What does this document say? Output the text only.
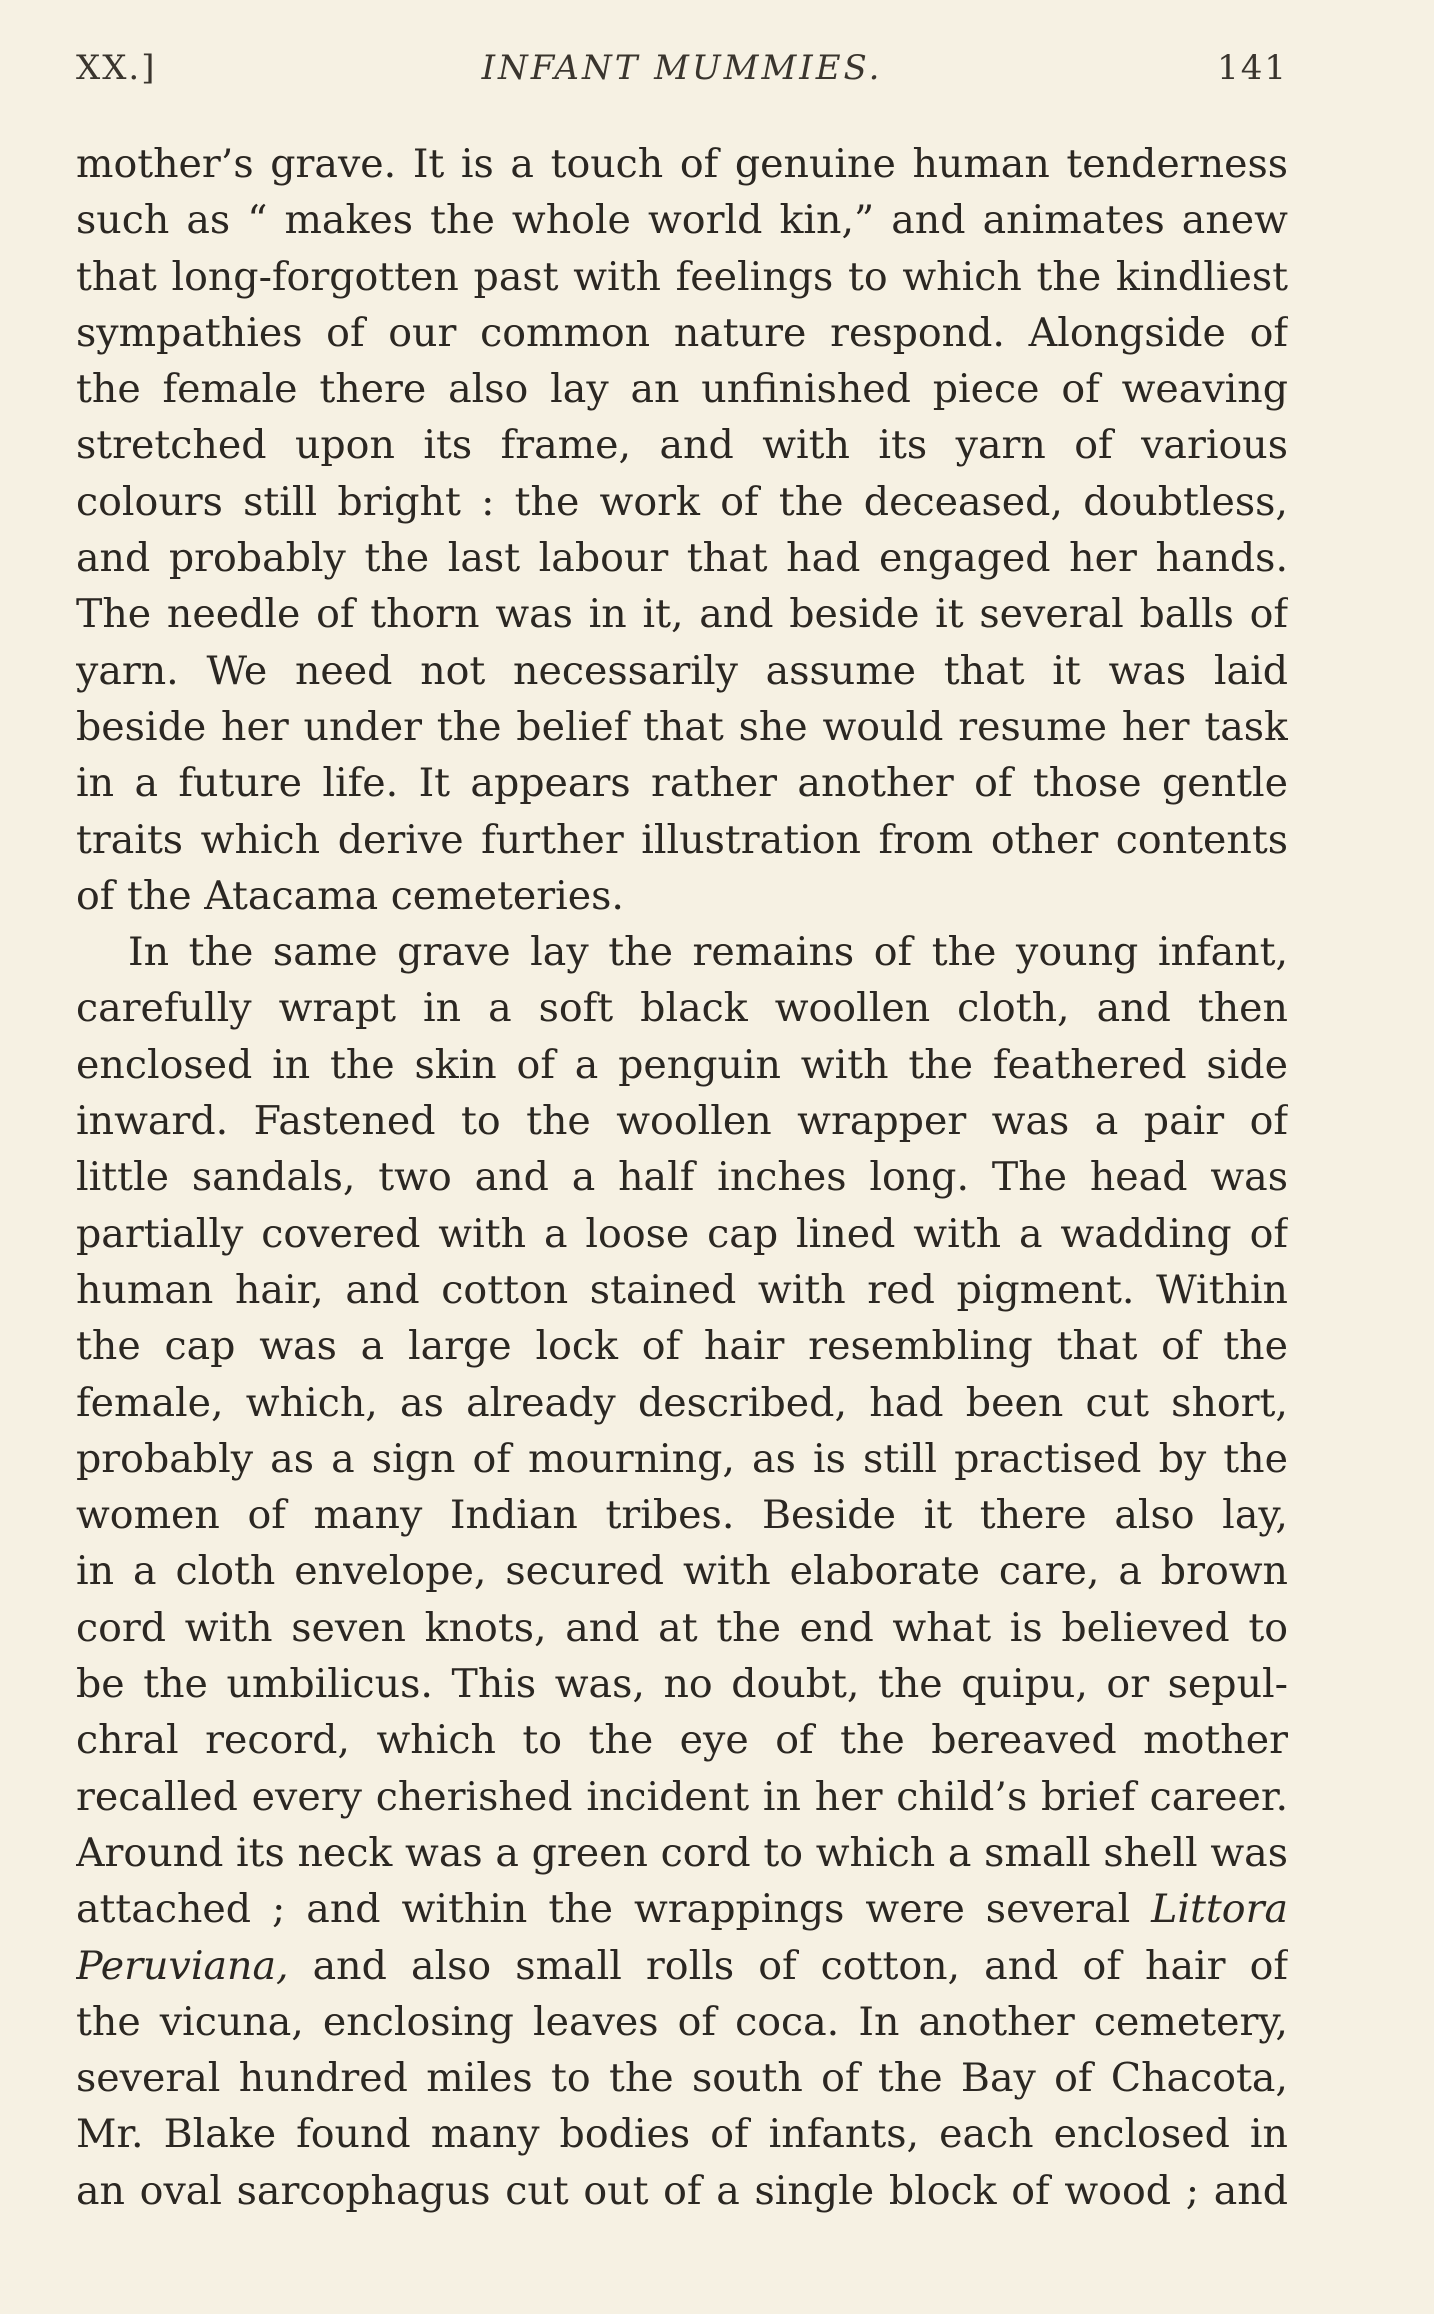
XX.]	INFANT MUMMIES.	141
mother’s grave. It is a touch of genuine human tenderness
such as “ makes the whole world kin,” and animates anew
that long-forgotten past with feelings to which the kindliest
sympathies of our common nature respond. Alongside of
the female there also lay an unfinished piece of weaving
stretched upon its frame, and with its yarn of various
colours still bright : the work of the deceased, doubtless,
and probably the last labour that had engaged her hands.
The needle of thorn was in it, and beside it several balls of
yarn. We need not necessarily assume that it was laid
beside her under the belief that she would resume her task
in a future life. It appears rather another of those gentle
traits which derive further illustration from other contents
of the Atacama cemeteries.
In the same grave lay the remains of the young infant,
carefully wrapt in a soft black woollen cloth, and then
enclosed in the skin of a penguin with the feathered side
inward. Fastened to the woollen wrapper was a pair of
little sandals, two and a half inches long. The head was
partially covered with a loose cap lined with a wadding of
human hair, and cotton stained with red pigment. Within
the cap was a large lock of hair resembling that of the
female, which, as already described, had been cut short,
probably as a sign of mourning, as is still practised by the
women of many Indian tribes. Beside it there also lay,
in a cloth envelope, secured with elaborate care, a brown
cord with seven knots, and at the end what is believed to
be the umbilicus. This was, no doubt, the quipu, or sepul-
chral record, which to the eye of the bereaved mother
recalled every cherished incident in her child’s brief career.
Around its neck was a green cord to which a small shell was
attached ; and within the wrappings were several Littora
Peruviana, and also small rolls of cotton, and of hair of
the vicuna, enclosing leaves of coca. In another cemetery,
several hundred miles to the south of the Bay of Chacota,
Mr. Blake found many bodies of infants, each enclosed in
an oval sarcophagus cut out of a single block of wood ; and
